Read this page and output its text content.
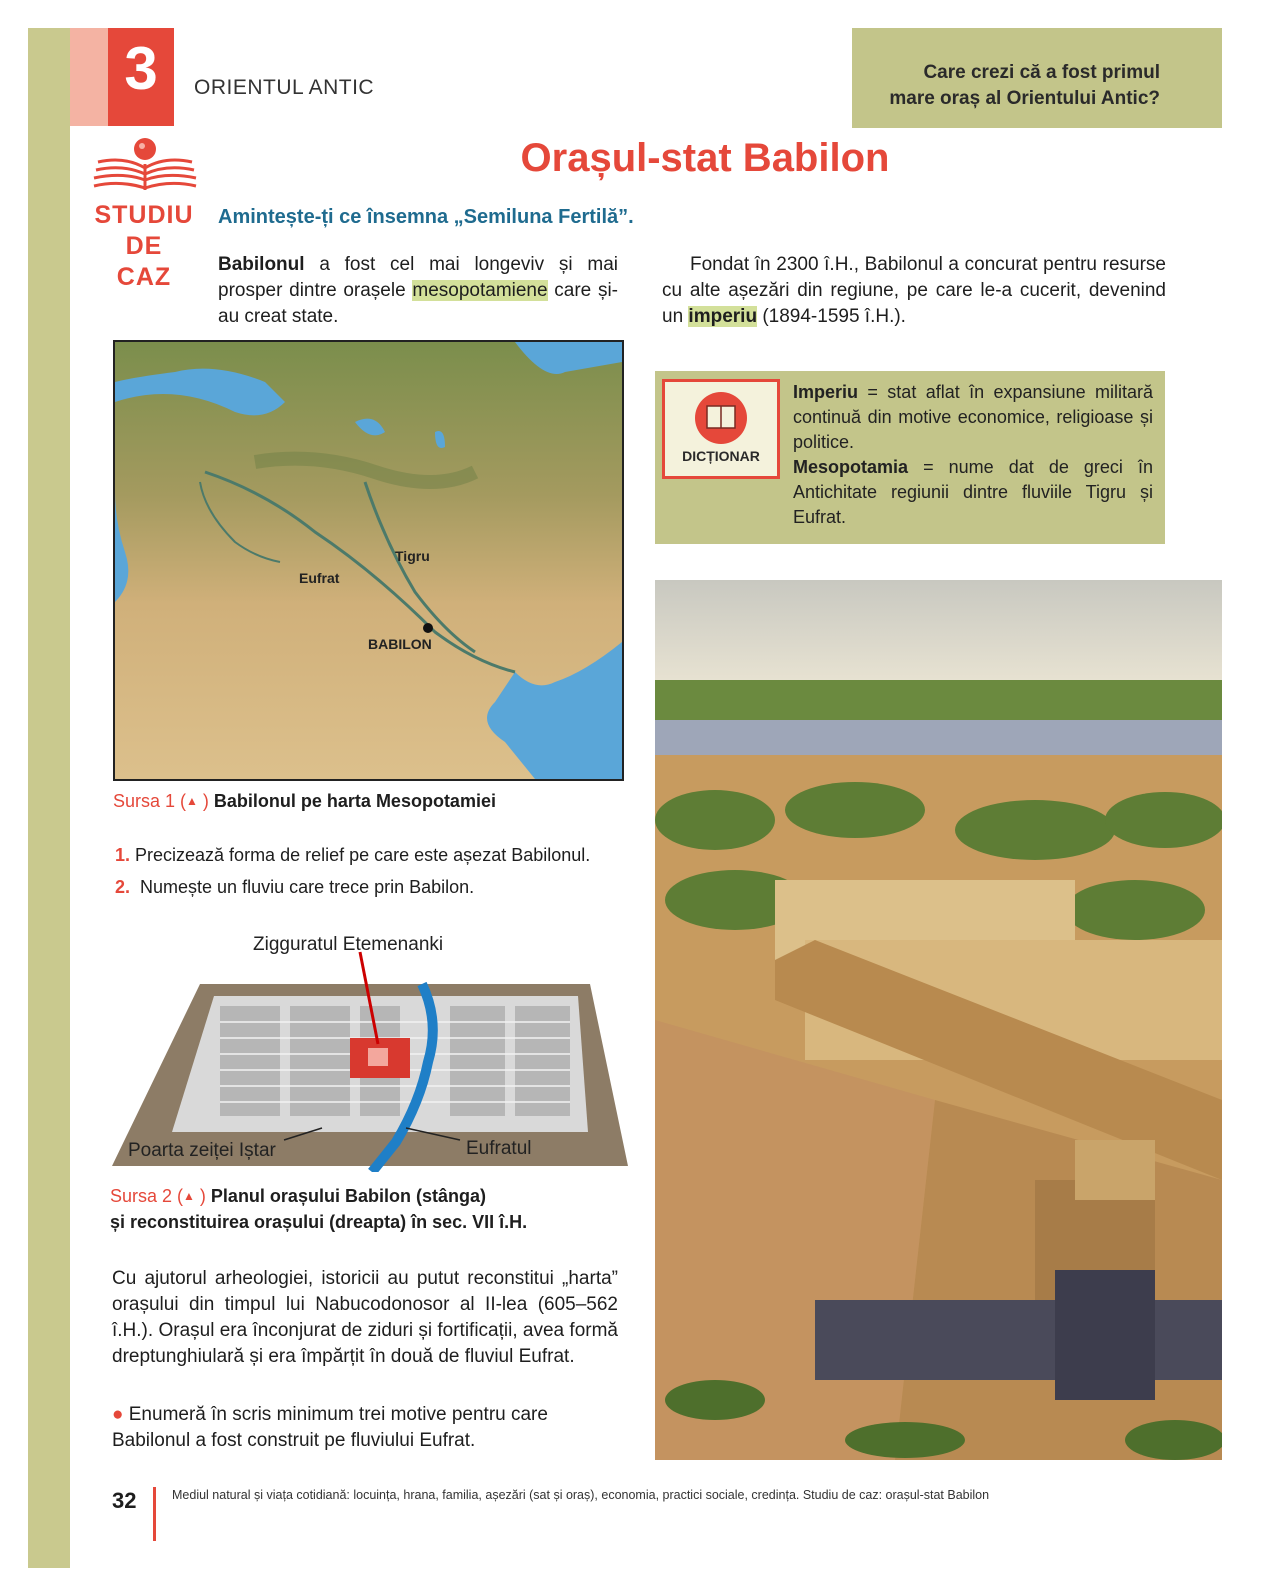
3	ORIENTUL ANTIC
Care crezi că a fost primul
mare oraș al Orientului Antic?
Orașul-stat Babilon
STUDIU
DE
CAZ
Amintește-ți ce însemna „Semiluna Fertilă”.
Babilonul a fost cel mai longeviv și mai prosper dintre orașele mesopotamiene care și-au creat state.
Fondat în 2300 î.H., Babilonul a concurat pentru resurse cu alte așezări din regiune, pe care le-a cucerit, devenind un imperiu (1894-1595 î.H.).
Tigru
Eufrat
BABILON
DICȚIONAR
Imperiu = stat aflat în expansiune militară continuă din motive economice, religioase și politice.
Mesopotamia = nume dat de greci în Antichitate regiunii dintre fluviile Tigru și Eufrat.
Sursa 1 (▲ ) Babilonul pe harta Mesopotamiei
1. Precizează forma de relief pe care este așezat Babilonul.
2.  Numește un fluviu care trece prin Babilon.
Zigguratul Etemenanki
Poarta zeiței Iștar	Eufratul
Sursa 2 (▲ ) Planul orașului Babilon (stânga)
și reconstituirea orașului (dreapta) în sec. VII î.H.
Cu ajutorul arheologiei, istoricii au putut reconstitui „harta” orașului din timpul lui Nabucodonosor al II-lea (605–562 î.H.). Orașul era înconjurat de ziduri și fortificații, avea formă dreptunghiulară și era împărțit în două de fluviul Eufrat.
● Enumeră în scris minimum trei motive pentru care Babilonul a fost construit pe fluviului Eufrat.
32	Mediul natural și viața cotidiană: locuința, hrana, familia, așezări (sat și oraș), economia, practici sociale, credința. Studiu de caz: orașul-stat Babilon
